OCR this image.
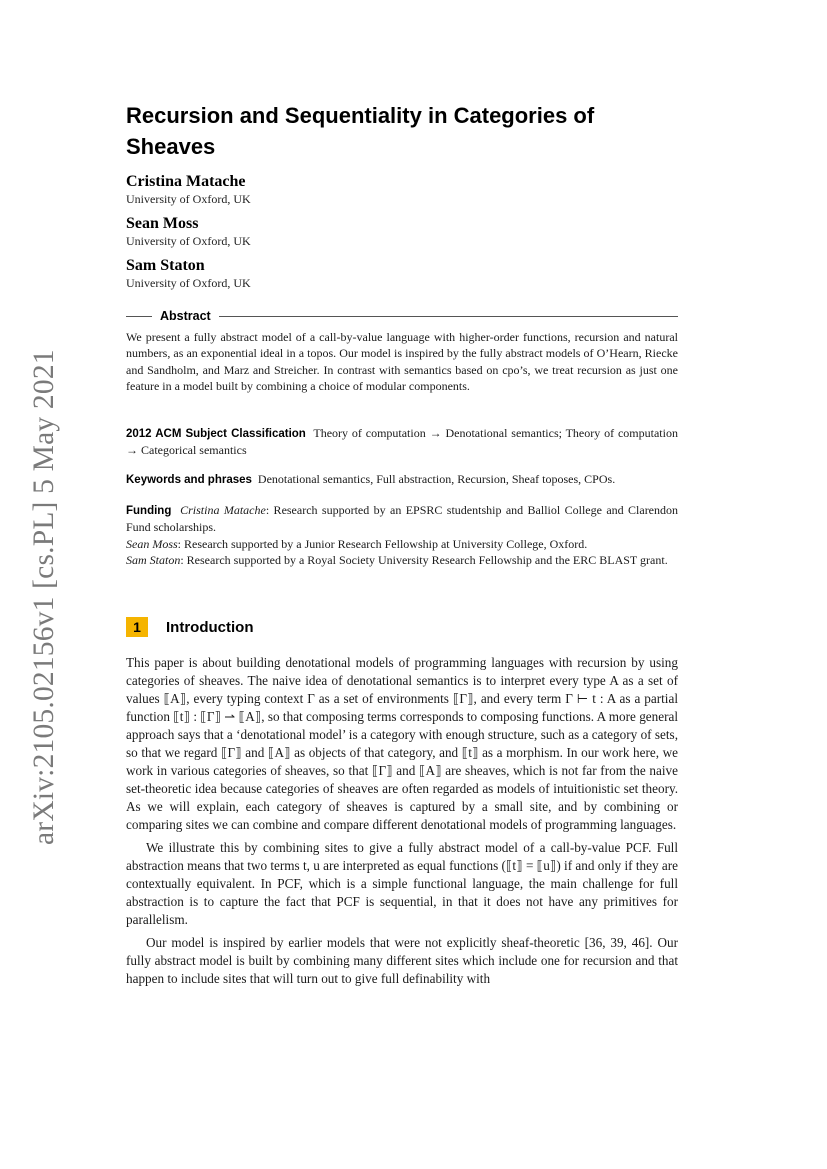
arXiv:2105.02156v1 [cs.PL] 5 May 2021
Recursion and Sequentiality in Categories of Sheaves
Cristina Matache
University of Oxford, UK
Sean Moss
University of Oxford, UK
Sam Staton
University of Oxford, UK
Abstract

We present a fully abstract model of a call-by-value language with higher-order functions, recursion and natural numbers, as an exponential ideal in a topos. Our model is inspired by the fully abstract models of O’Hearn, Riecke and Sandholm, and Marz and Streicher. In contrast with semantics based on cpo’s, we treat recursion as just one feature in a model built by combining a choice of modular components.

2012 ACM Subject Classification Theory of computation → Denotational semantics; Theory of computation → Categorical semantics
Keywords and phrases Denotational semantics, Full abstraction, Recursion, Sheaf toposes, CPOs.

Funding Cristina Matache: Research supported by an EPSRC studentship and Balliol College and Clarendon Fund scholarships.

Sean Moss: Research supported by a Junior Research Fellowship at University College, Oxford.

Sam Staton: Research supported by a Royal Society University Research Fellowship and the ERC BLAST grant.

1	Introduction

This paper is about building denotational models of programming languages with recursion by using categories of sheaves. The naive idea of denotational semantics is to interpret every type A as a set of values ⟦A⟧, every typing context Γ as a set of environments ⟦Γ⟧, and every term Γ ⊢ t : A as a partial function ⟦t⟧ : ⟦Γ⟧ ⇀ ⟦A⟧, so that composing terms corresponds to composing functions. A more general approach says that a ‘denotational model’ is a category with enough structure, such as a category of sets, so that we regard ⟦Γ⟧ and ⟦A⟧ as objects of that category, and ⟦t⟧ as a morphism. In our work here, we work in various categories of sheaves, so that ⟦Γ⟧ and ⟦A⟧ are sheaves, which is not far from the naive set-theoretic idea because categories of sheaves are often regarded as models of intuitionistic set theory. As we will explain, each category of sheaves is captured by a small site, and by combining or comparing sites we can combine and compare different denotational models of programming languages.

We illustrate this by combining sites to give a fully abstract model of a call-by-value PCF. Full abstraction means that two terms t, u are interpreted as equal functions (⟦t⟧ = ⟦u⟧) if and only if they are contextually equivalent. In PCF, which is a simple functional language, the main challenge for full abstraction is to capture the fact that PCF is sequential, in that it does not have any primitives for parallelism.

Our model is inspired by earlier models that were not explicitly sheaf-theoretic [36, 39, 46]. Our fully abstract model is built by combining many different sites which include one for recursion and that happen to include sites that will turn out to give full definability with
